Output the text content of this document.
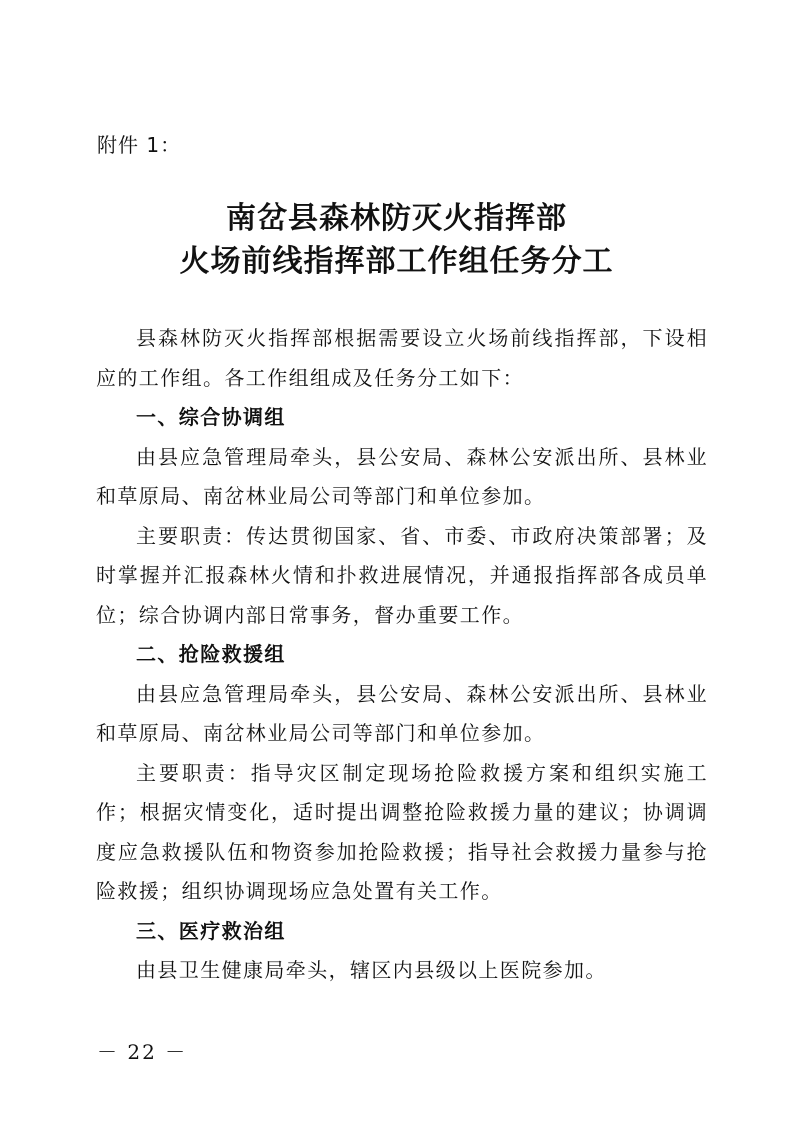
附件 1：
南岔县森林防灭火指挥部
火场前线指挥部工作组任务分工

县森林防灭火指挥部根据需要设立火场前线指挥部，下设相应的工作组。各工作组组成及任务分工如下：

一、综合协调组

由县应急管理局牵头，县公安局、森林公安派出所、县林业和草原局、南岔林业局公司等部门和单位参加。

主要职责：传达贯彻国家、省、市委、市政府决策部署；及时掌握并汇报森林火情和扑救进展情况，并通报指挥部各成员单位；综合协调内部日常事务，督办重要工作。

二、抢险救援组

由县应急管理局牵头，县公安局、森林公安派出所、县林业和草原局、南岔林业局公司等部门和单位参加。

主要职责：指导灾区制定现场抢险救援方案和组织实施工作；根据灾情变化，适时提出调整抢险救援力量的建议；协调调度应急救援队伍和物资参加抢险救援；指导社会救援力量参与抢险救援；组织协调现场应急处置有关工作。

三、医疗救治组

由县卫生健康局牵头，辖区内县级以上医院参加。

－ 22 －
